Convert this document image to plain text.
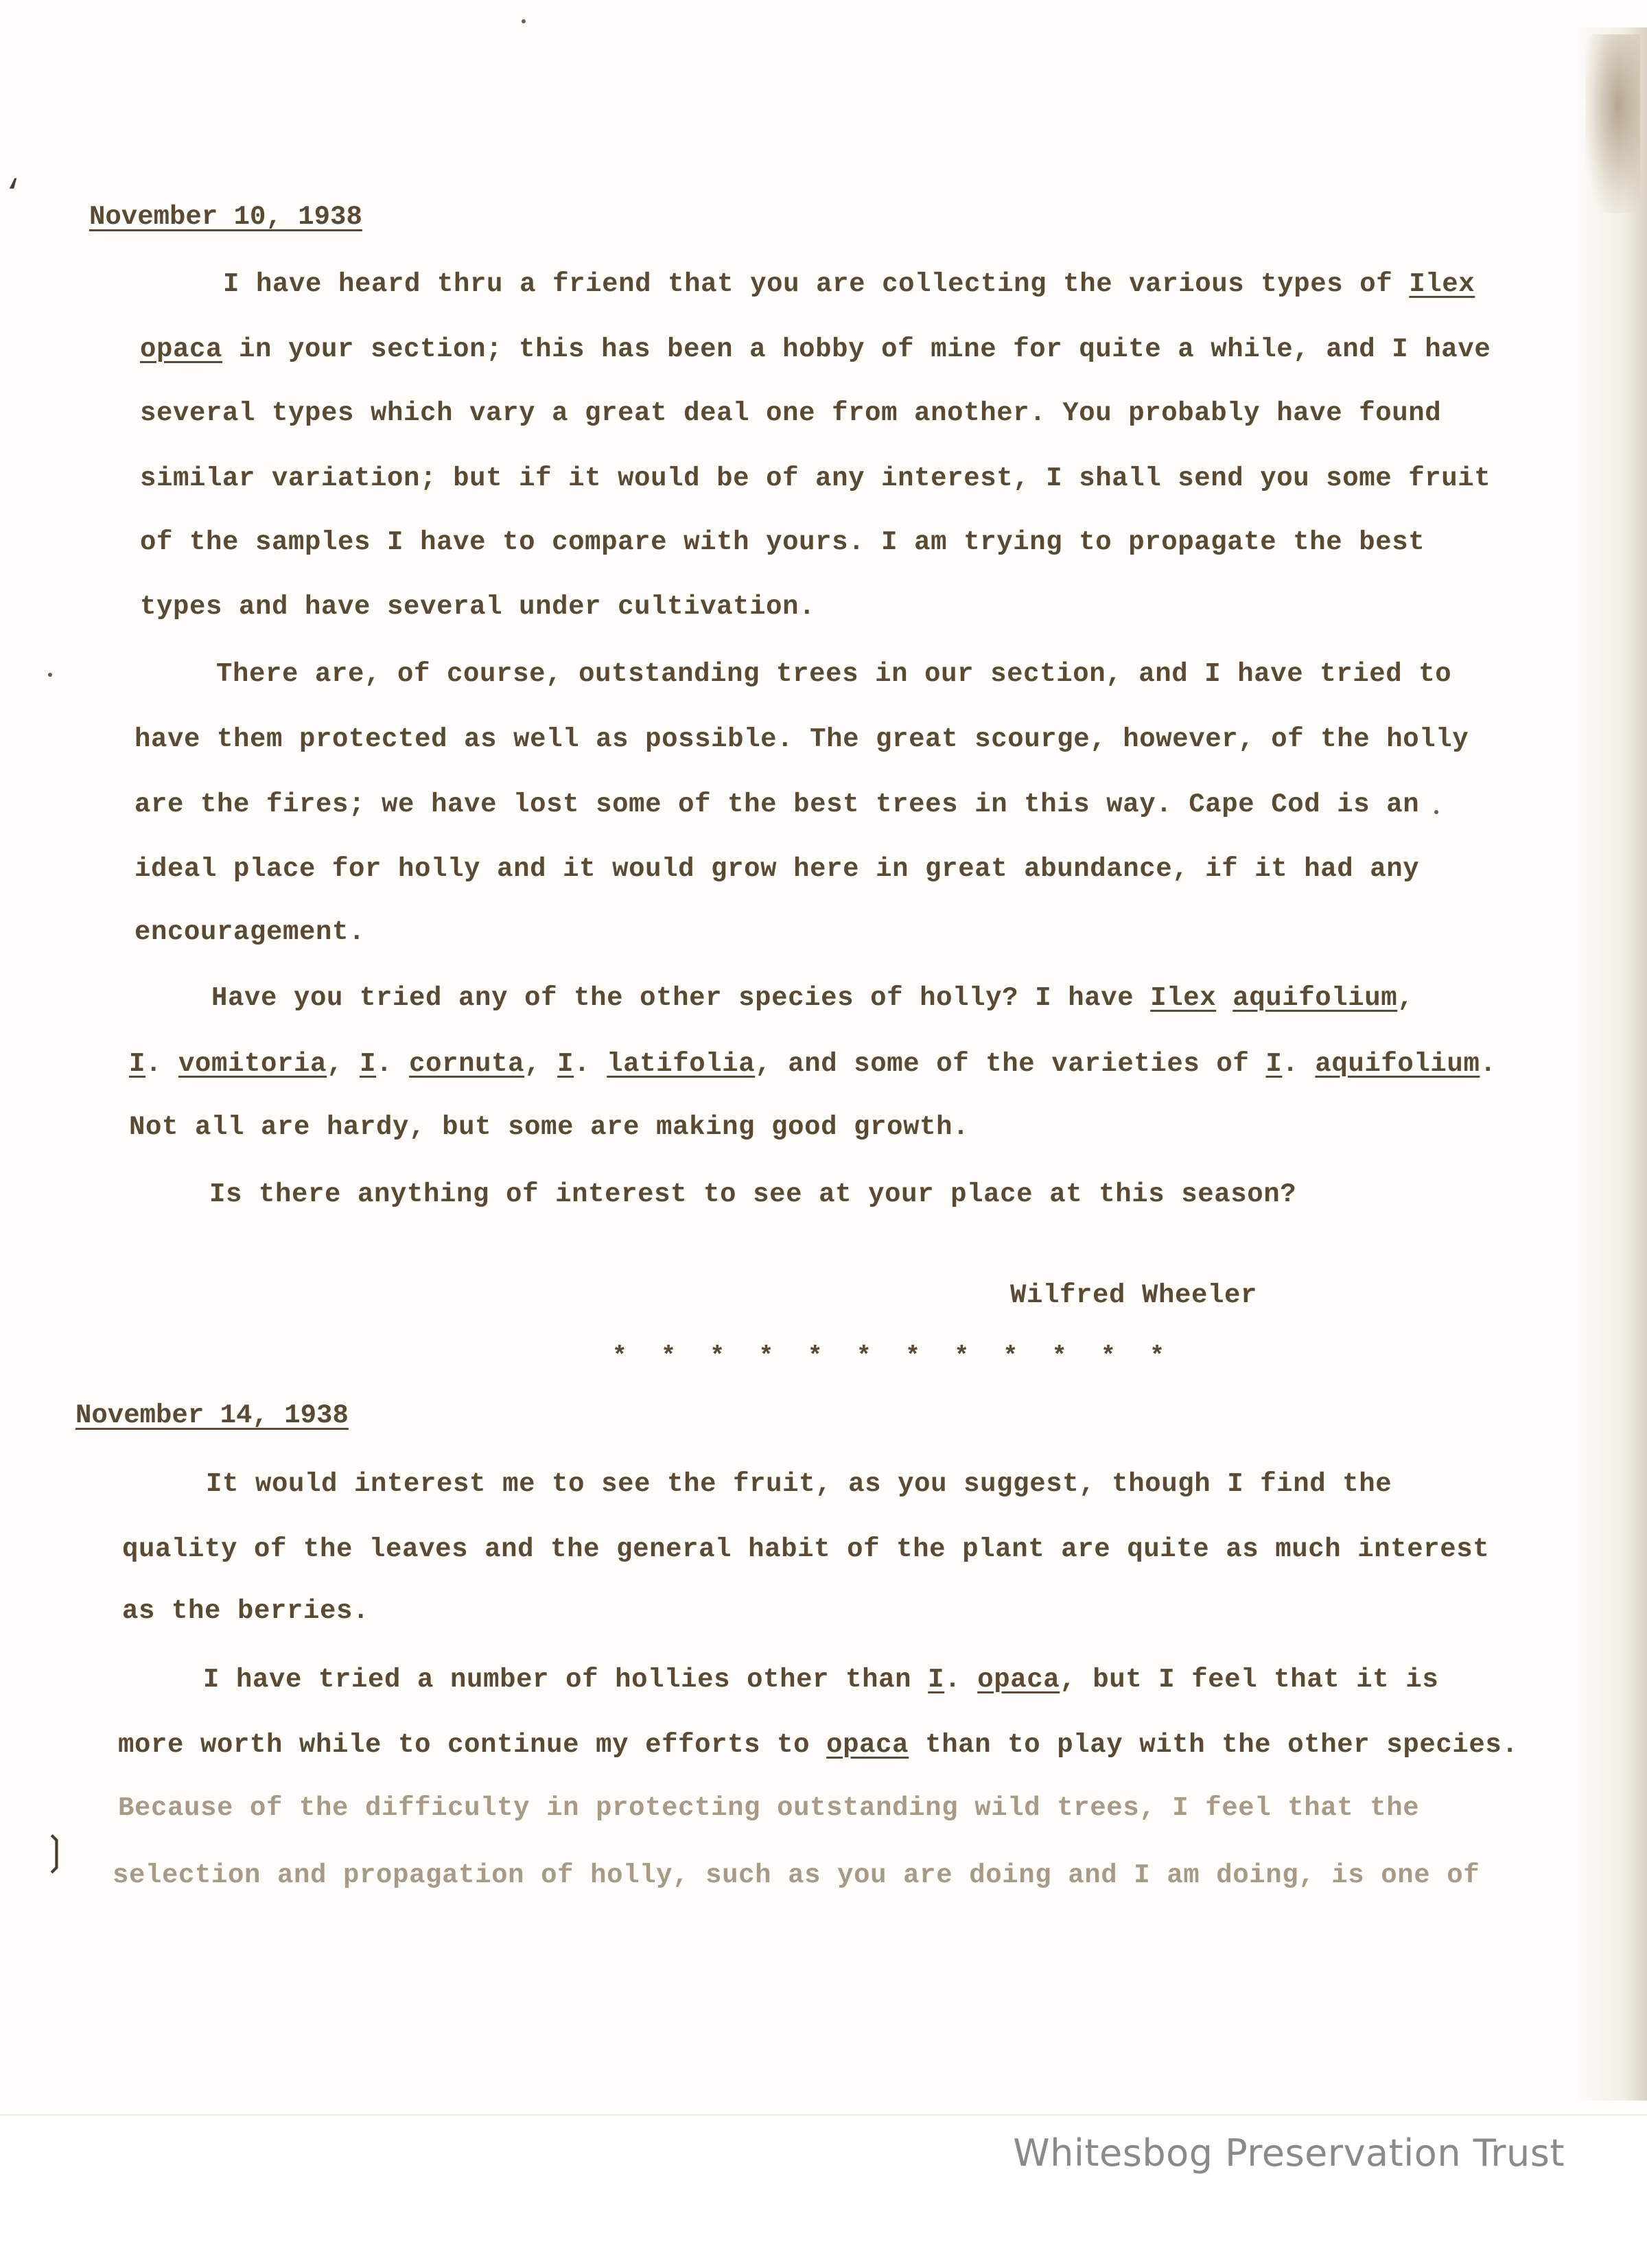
‘
❳
November 10, 1938
I have heard thru a friend that you are collecting the various types of Ilex
opaca in your section; this has been a hobby of mine for quite a while, and I have
several types which vary a great deal one from another. You probably have found
similar variation; but if it would be of any interest, I shall send you some fruit
of the samples I have to compare with yours. I am trying to propagate the best
types and have several under cultivation.
There are, of course, outstanding trees in our section, and I have tried to
have them protected as well as possible. The great scourge, however, of the holly
are the fires; we have lost some of the best trees in this way. Cape Cod is an
ideal place for holly and it would grow here in great abundance, if it had any
encouragement.
Have you tried any of the other species of holly? I have Ilex aquifolium,
I. vomitoria, I. cornuta, I. latifolia, and some of the varieties of I. aquifolium.
Not all are hardy, but some are making good growth.
Is there anything of interest to see at your place at this season?
Wilfred Wheeler
* * * * * * * * * * * *
November 14, 1938
It would interest me to see the fruit, as you suggest, though I find the
quality of the leaves and the general habit of the plant are quite as much interest
as the berries.
I have tried a number of hollies other than I. opaca, but I feel that it is
more worth while to continue my efforts to opaca than to play with the other species.
Because of the difficulty in protecting outstanding wild trees, I feel that the
selection and propagation of holly, such as you are doing and I am doing, is one of
Whitesbog Preservation Trust
